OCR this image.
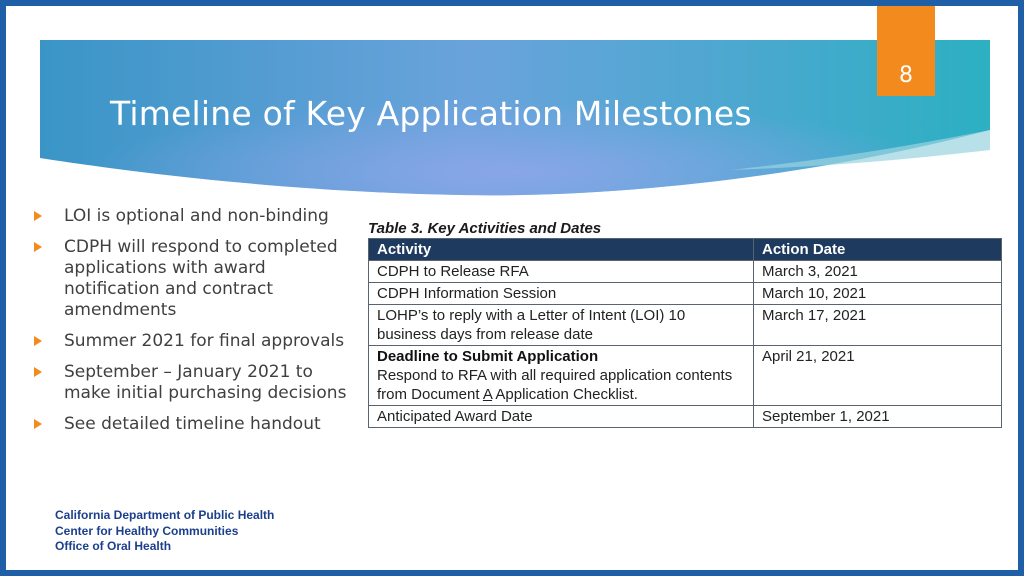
Timeline of Key Application Milestones
8
LOI is optional and non-binding
CDPH will respond to completed applications with award notification and contract amendments
Summer 2021 for final approvals
September – January 2021 to make initial purchasing decisions
See detailed timeline handout
Table 3. Key Activities and Dates
Activity	Action Date
CDPH to Release RFA	March 3, 2021
CDPH Information Session	March 10, 2021
LOHP’s to reply with a Letter of Intent (LOI) 10 business days from release date	March 17, 2021

Deadline to Submit Application
Respond to RFA with all required application contents from Document A Application Checklist.	April 21, 2021
Anticipated Award Date	September 1, 2021
California Department of Public Health
Center for Healthy Communities
Office of Oral Health
